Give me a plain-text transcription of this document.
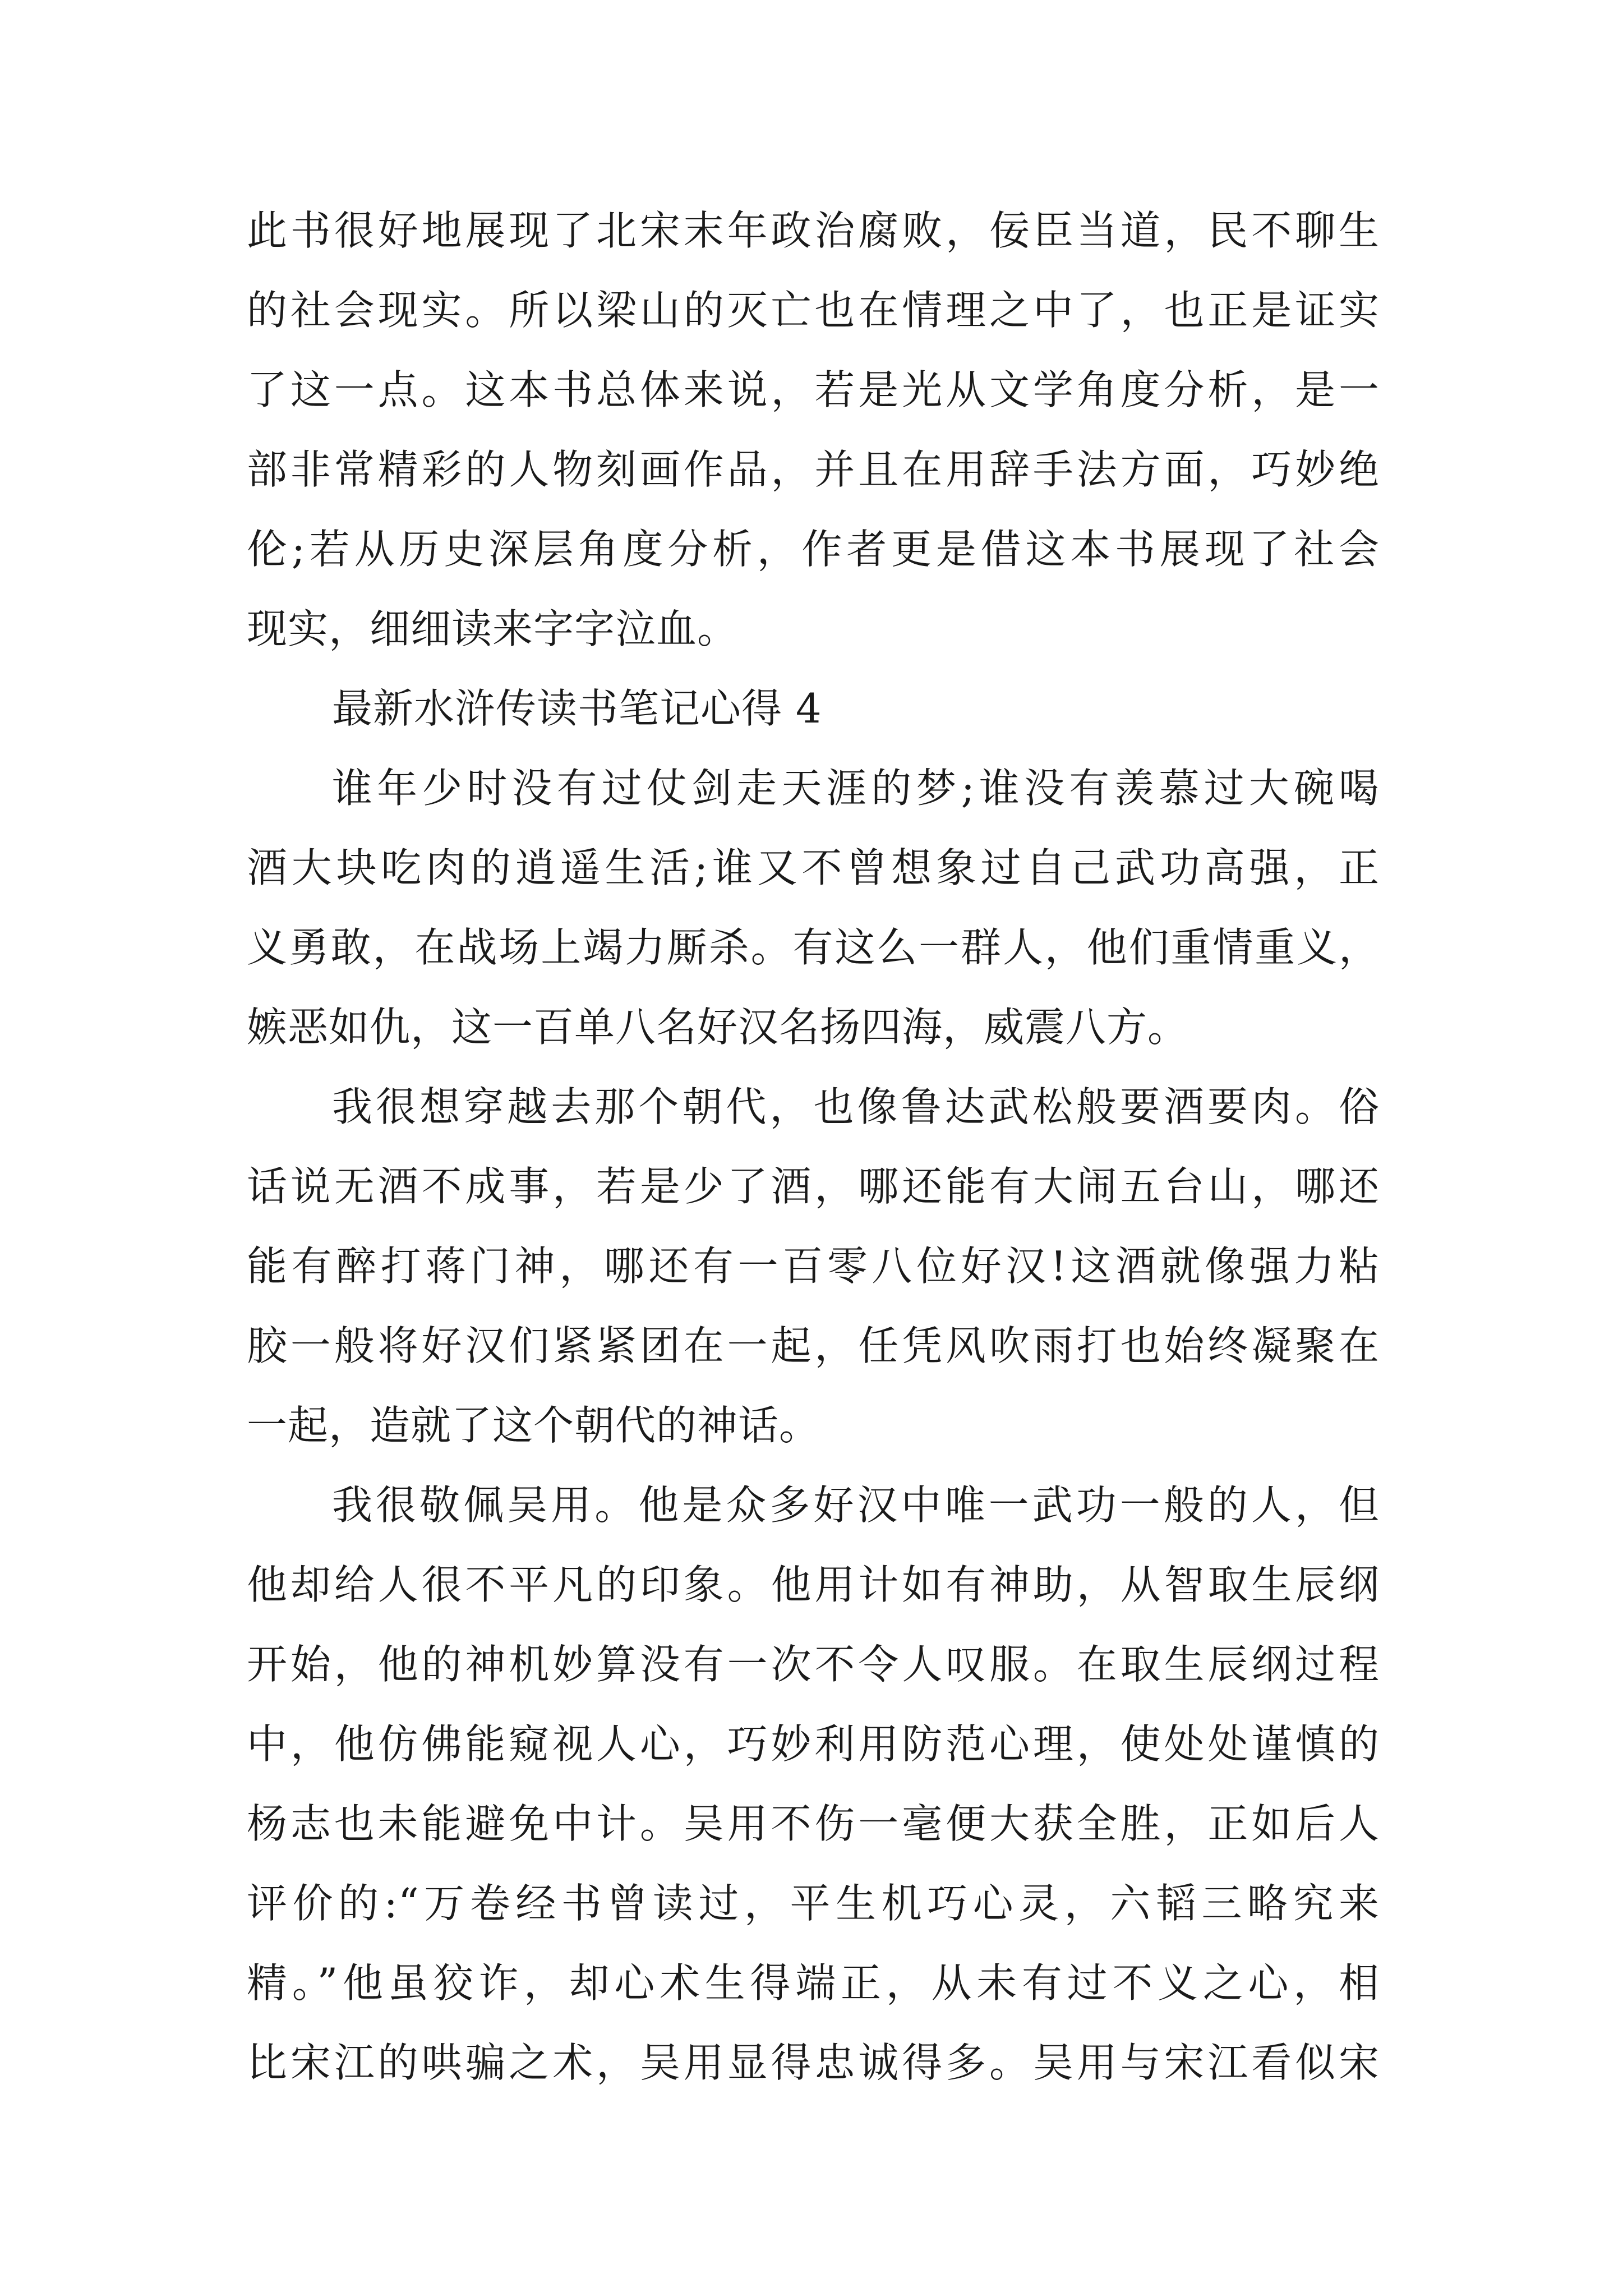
此书很好地展现了北宋末年政治腐败，佞臣当道，民不聊生
的社会现实。所以梁山的灭亡也在情理之中了，也正是证实
了这一点。这本书总体来说，若是光从文学角度分析，是一
部非常精彩的人物刻画作品，并且在用辞手法方面，巧妙绝
伦;若从历史深层角度分析，作者更是借这本书展现了社会
现实，细细读来字字泣血。
最新水浒传读书笔记心得 4
谁年少时没有过仗剑走天涯的梦;谁没有羡慕过大碗喝
酒大块吃肉的逍遥生活;谁又不曾想象过自己武功高强，正
义勇敢，在战场上竭力厮杀。有这么一群人，他们重情重义，
嫉恶如仇，这一百单八名好汉名扬四海，威震八方。
我很想穿越去那个朝代，也像鲁达武松般要酒要肉。俗
话说无酒不成事，若是少了酒，哪还能有大闹五台山，哪还
能有醉打蒋门神，哪还有一百零八位好汉!这酒就像强力粘
胶一般将好汉们紧紧团在一起，任凭风吹雨打也始终凝聚在
一起，造就了这个朝代的神话。
我很敬佩吴用。他是众多好汉中唯一武功一般的人，但
他却给人很不平凡的印象。他用计如有神助，从智取生辰纲
开始，他的神机妙算没有一次不令人叹服。在取生辰纲过程
中，他仿佛能窥视人心，巧妙利用防范心理，使处处谨慎的
杨志也未能避免中计。吴用不伤一毫便大获全胜，正如后人
评价的:“万卷经书曾读过，平生机巧心灵，六韬三略究来
精。”他虽狡诈，却心术生得端正，从未有过不义之心，相
比宋江的哄骗之术，吴用显得忠诚得多。吴用与宋江看似宋
